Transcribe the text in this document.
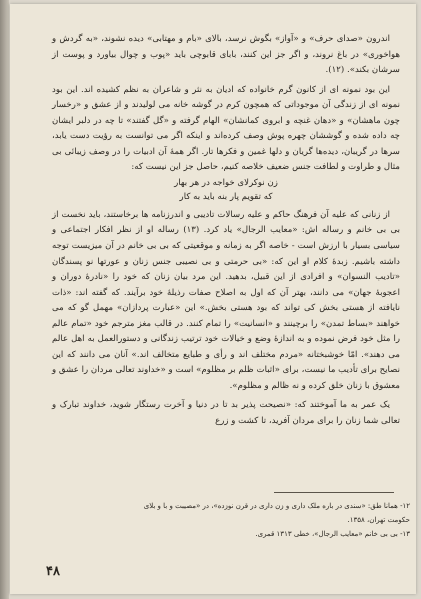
اندرون «صدای حرف» و «آواز» بگوش نرسد، بالای «بام و مهتابی» دیده نشوند، «به گردش و هواخوری» در باغ نروند، و اگر جز این کنند، بابای قابوچی باید «پوب و چوال بیاورد و پوست از سرشان بکند». (۱۲).

این بود نمونه ای از کانون گرم خانواده که ادیان به نثر و شاعران به نظم کشیده اند. این بود نمونه ای از زندگی آن موجوداتی که همچون کرم در گوشه خانه می لولیدند و از عشق و «رخسار چون ماهشان» و «دهان غنچه و ابروی کمانشان» الهام گرفته و «گل گفتند» تا چه در دلبر ایشان چه داده شده و گوششان چهره پوش وصف کرده‌اند و اینکه اگر می توانست به رؤیت دست یابد، سرها در گریبان، دیده‌ها گریان و دلها غمین و فکرها تار. اگر همهٔ آن ادبیات را در وصف زیبائی بی مثال و طراوت و لطافت جنس ضعیف خلاصه کنیم، حاصل جز این نیست که:

زن نوکرلای خواجه در هر بهار

که تقویم پار بنه باید به کار

از زنانی که علیه آن فرهنگ حاکم و علیه رسالات تادیبی و اندرزنامه ها برخاستند، باید نخست از بی بی خانم و رساله اش: «معایب الرجال» یاد کرد. (۱۳) رساله او از نظر افکار اجتماعی و سیاسی بسیار با ارزش است - خاصه اگر به زمانه و موقعیتی که بی بی خانم در آن میزیست توجه داشته باشیم. زبدهٔ کلام او این که: «بی حرمتی و بی نصیبی جنس زنان و عورتها نو پسندگان «تادیب النسوان» و افرادی از این قبیل، بدهید. این مرد بیان زنان که خود را «نادرهٔ دوران و اعجوبهٔ جهان» می دانند، بهتر آن که اول به اصلاح صفات رذیلهٔ خود برآیند. که گفته اند: «ذات نایافته از هستی بخش کی تواند که بود هستی بخش.» این «عبارت پردازان» مهمل گو که می خواهند «بساط تمدن» را برچینند و «انسانیت» را تمام کنند. در قالب مغز مترجم خود «تمام عالم را مثل خود فرض نموده و به اندازهٔ وضع و خیالات خود ترتیب زندگانی و دستورالعمل به اهل عالم می دهند». امّا خوشبختانه «مردم مختلف اند و رأی و طبایع متخالف اند.» آنان می دانند که این نصایح برای تأدیب ما نیست، برای «اثبات ظلم بر مظلوم» است و «خداوند تعالی مردان را عشق و معشوق با زنان خلق کرده و نه ظالم و مظلوم».

یک عمر به ما آموختند که: «نصیحت پذیر بد تا در دنیا و آخرت رستگار شوید، خداوند تبارک و تعالی شما زنان را برای مردان آفرید، تا کشت و زرع

۱۲- همانا طق: «سندی در باره ملک داری و زن داری در قرن نوزده»، در «مصیبت و با و بلای حکومت تهران، ۱۳۵۸.

۱۳- بی بی خانم «معایب الرجال»، خطی ۱۳۱۳ قمری.

۴۸
